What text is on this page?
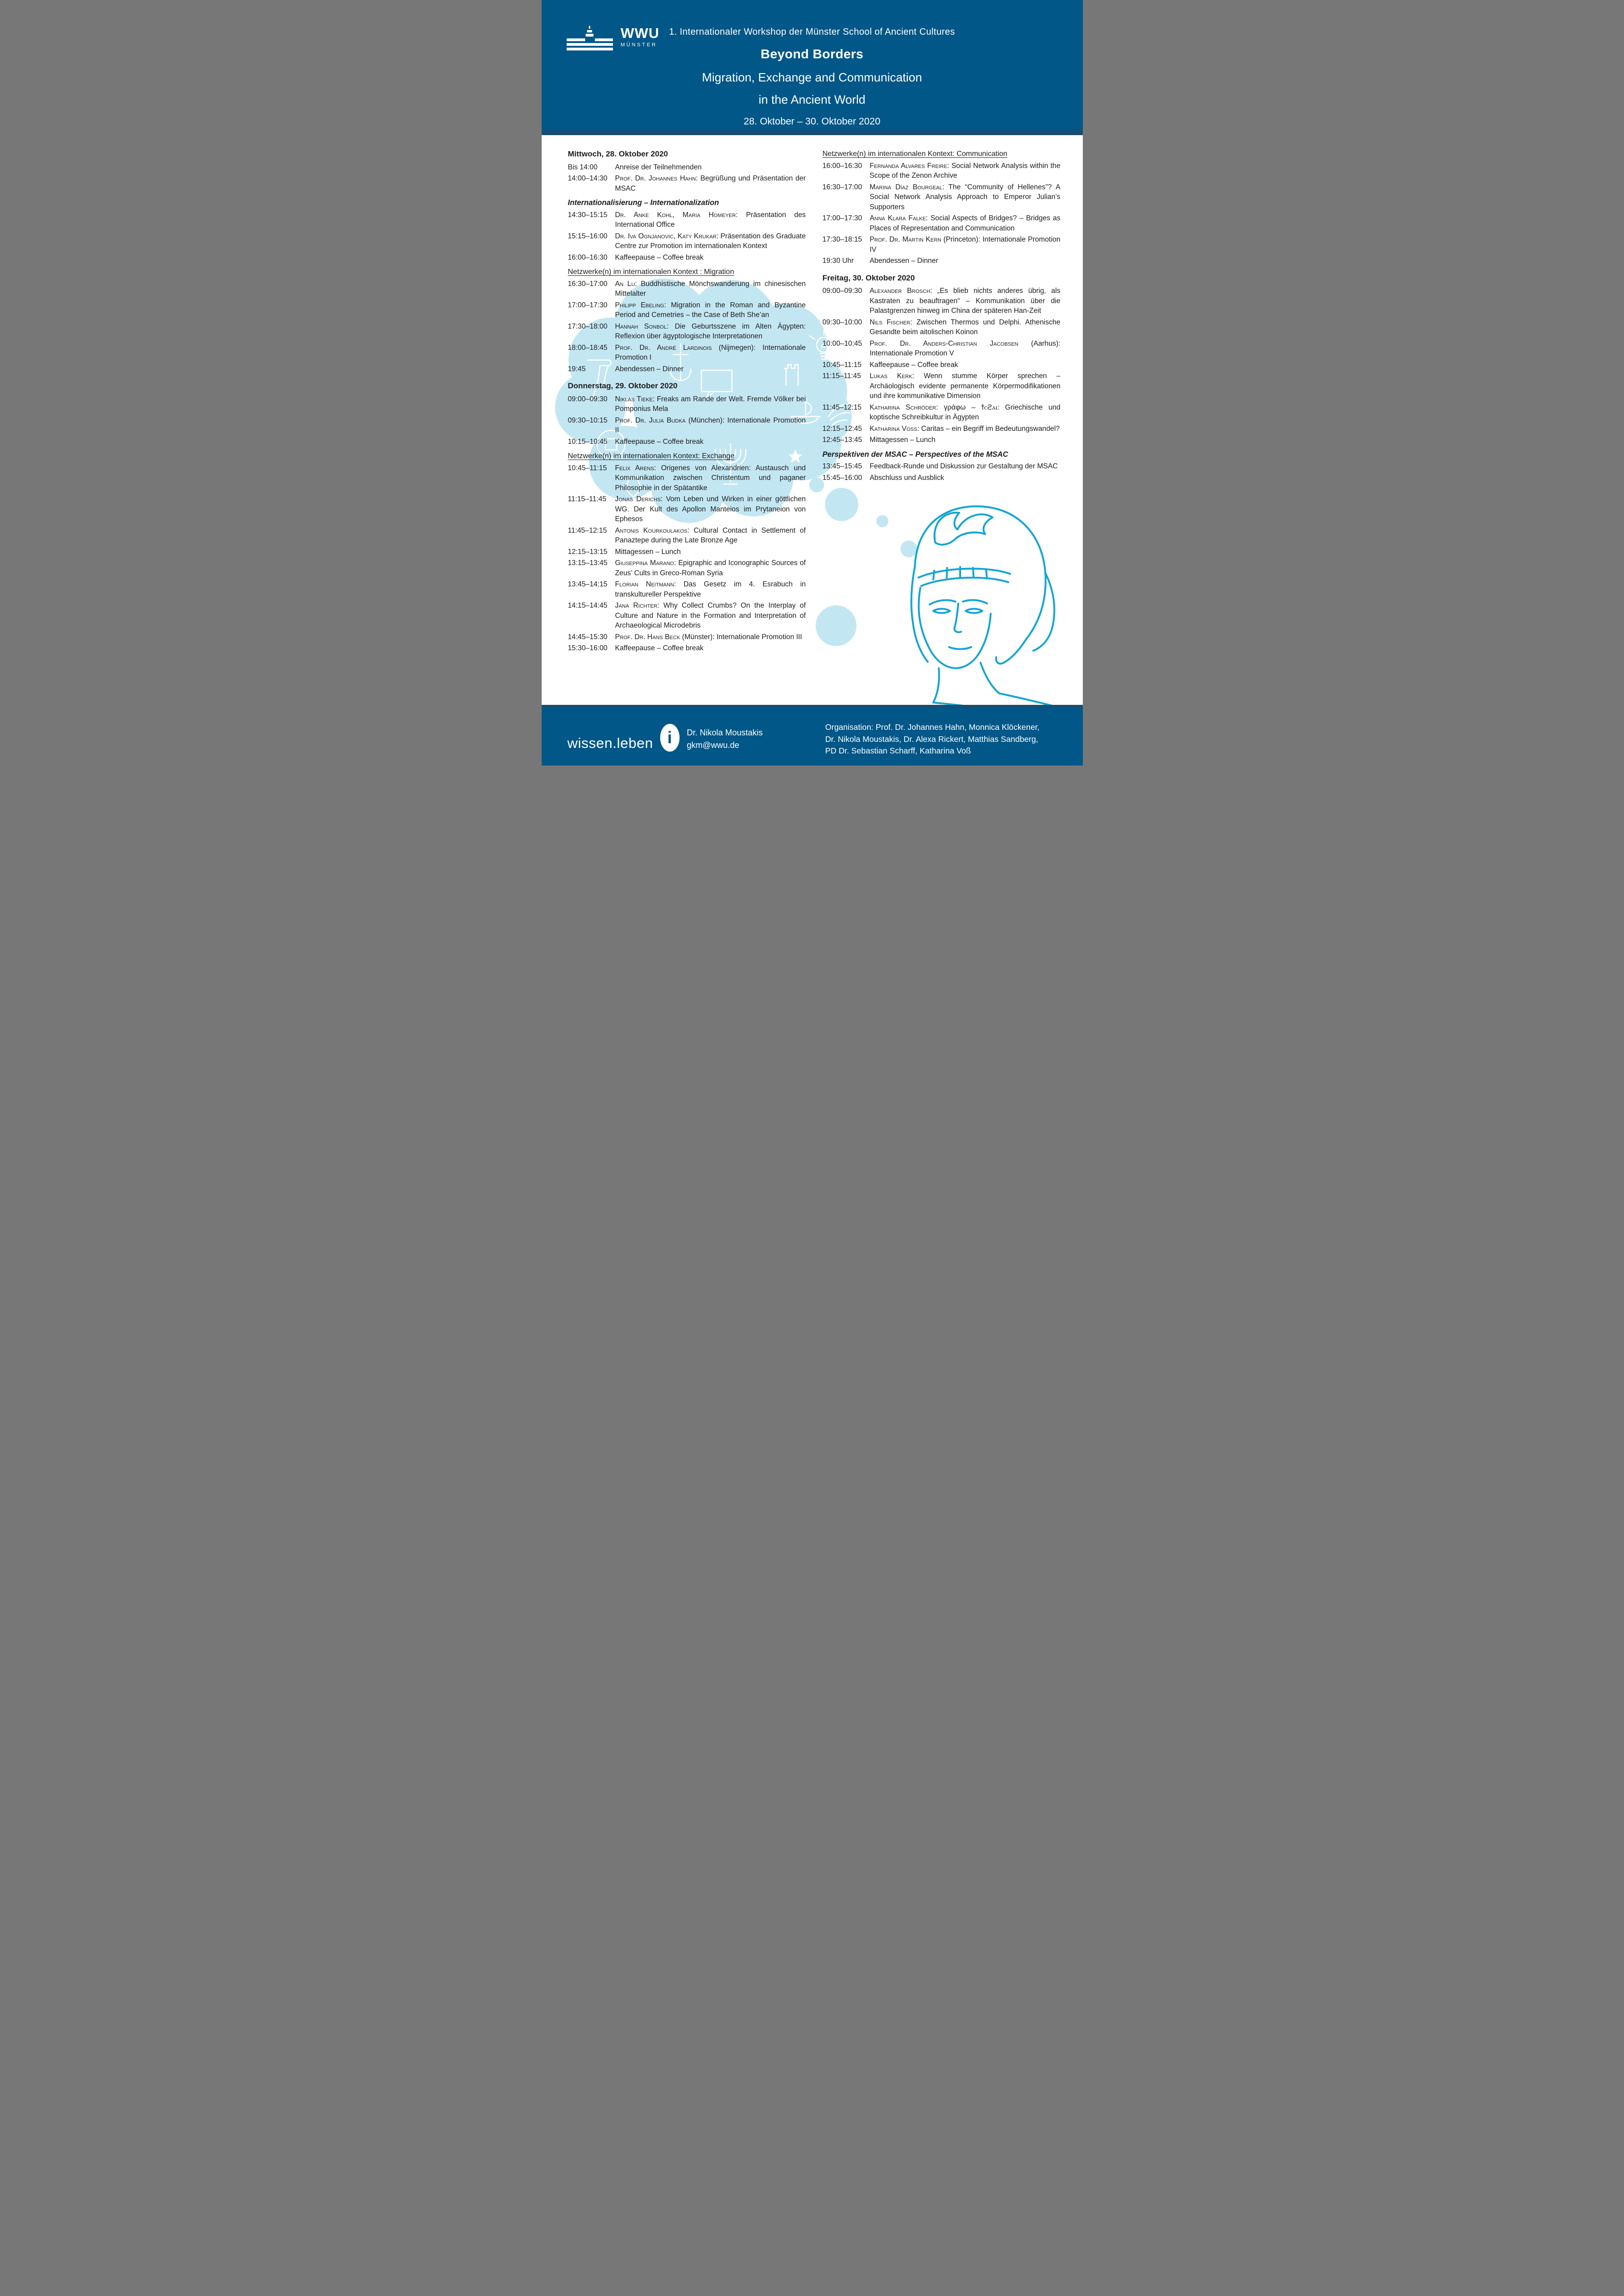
WWU
MÜNSTER
1. Internationaler Workshop der Münster School of Ancient Cultures
Beyond Borders
Migration, Exchange and Communication
in the Ancient World
28. Oktober – 30. Oktober 2020
Mittwoch, 28. Oktober 2020
Bis 14:00	Anreise der Teilnehmenden
14:00–14:30	Prof. Dr. Johannes Hahn: Begrüßung und Präsentation der MSAC
Internationalisierung – Internationalization
14:30–15:15	Dr. Anke Kohl, Maria Homeyer: Präsentation des International Office
15:15–16:00	Dr. Iva Ognjanovic, Katy Krukar: Präsentation des Graduate Centre zur Promotion im internationalen Kontext
16:00–16:30	Kaffeepause – Coffee break
Netzwerke(n) im internationalen Kontext : Migration
16:30–17:00	An Lu: Buddhistische Mönchswanderung im chinesischen Mittelalter
17:00–17:30	Philipp Ebeling: Migration in the Roman and Byzantine Period and Cemetries – the Case of Beth She’an
17:30–18:00	Hannah Sonbol: Die Geburtsszene im Alten Ägypten: Reflexion über ägyptologische Interpretationen
18:00–18:45	Prof. Dr. André Lardinois (Nijmegen): Internationale Promotion I
19:45	Abendessen – Dinner
Donnerstag, 29. Oktober 2020
09:00–09:30	Niklas Tieke: Freaks am Rande der Welt. Fremde Völker bei Pomponius Mela
09:30–10:15	Prof. Dr. Julia Budka (München): Internationale Promotion II
10:15–10:45	Kaffeepause – Coffee break
Netzwerke(n) im internationalen Kontext: Exchange
10:45–11:15	Felix Arens: Origenes von Alexandrien: Austausch und Kommunikation zwischen Christentum und paganer Philosophie in der Spätantike
11:15–11:45	Jonas Derichs: Vom Leben und Wirken in einer göttlichen WG. Der Kult des Apollon Manteios im Prytaneion von Ephesos
11:45–12:15	Antonis Kourkoulakos: Cultural Contact in Settlement of Panaztepe during the Late Bronze Age
12:15–13:15	Mittagessen – Lunch
13:15–13:45	Giuseppina Marano: Epigraphic and Iconographic Sources of Zeus’ Cults in Greco-Roman Syria
13:45–14:15	Florian Neitmann: Das Gesetz im 4. Esrabuch in transkultureller Perspektive
14:15–14:45	Jana Richter: Why Collect Crumbs? On the Interplay of Culture and Nature in the Formation and Interpretation of Archaeological Microdebris
14:45–15:30	Prof. Dr. Hans Beck (Münster): Internationale Promotion III
15:30–16:00	Kaffeepause – Coffee break
Netzwerke(n) im internationalen Kontext: Communication
16:00–16:30	Fernanda Alvares Freire: Social Network Analysis within the Scope of the Zenon Archive
16:30–17:00	Marina Díaz Bourgeal: The “Community of Hellenes”? A Social Network Analysis Approach to Emperor Julian’s Supporters
17:00–17:30	Anna Klara Falke: Social Aspects of Bridges? – Bridges as Places of Representation and Communication
17:30–18:15	Prof. Dr. Martin Kern (Princeton): Internationale Promotion IV
19:30 Uhr	Abendessen – Dinner
Freitag, 30. Oktober 2020
09:00–09:30	Alexander Brosch: „Es blieb nichts anderes übrig, als Kastraten zu beauftragen“ – Kommunikation über die Palastgrenzen hinweg im China der späteren Han-Zeit
09:30–10:00	Nils Fischer: Zwischen Thermos und Delphi. Athenische Gesandte beim aitolischen Koinon
10:00–10:45	Prof. Dr. Anders-Christian Jacobsen (Aarhus): Internationale Promotion V
10:45–11:15	Kaffeepause – Coffee break
11:15–11:45	Lukas Kerk: Wenn stumme Körper sprechen – Archäologisch evidente permanente Körpermodifikationen und ihre kommunikative Dimension
11:45–12:15	Katharina Schröder: γράφω – ϯⲥϩⲁⲓ: Griechische und koptische Schreibkultur in Ägypten
12:15–12:45	Katharina Voß: Caritas – ein Begriff im Bedeutungswandel?
12:45–13:45	Mittagessen – Lunch
Perspektiven der MSAC – Perspectives of the MSAC
13:45–15:45	Feedback-Runde und Diskussion zur Gestaltung der MSAC
15:45–16:00	Abschluss und Ausblick
wissen.leben i Dr. Nikola Moustakis
gkm@wwu.de
Organisation: Prof. Dr. Johannes Hahn, Monnica Klöckener,
Dr. Nikola Moustakis, Dr. Alexa Rickert, Matthias Sandberg,
PD Dr. Sebastian Scharff, Katharina Voß
